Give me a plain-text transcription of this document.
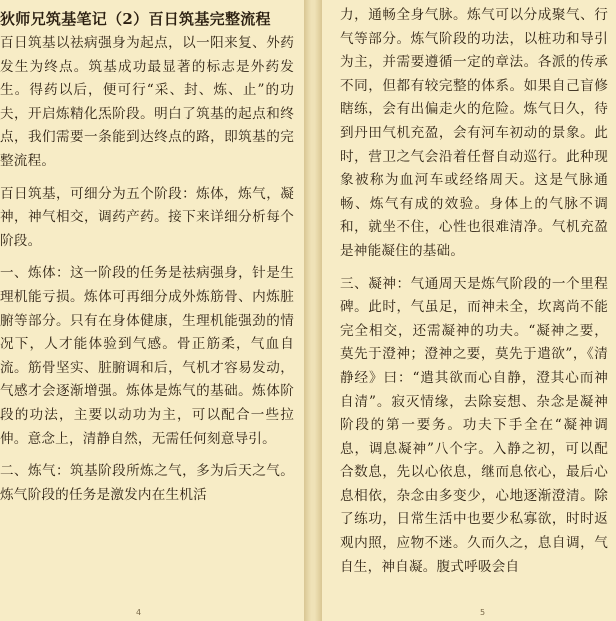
狄师兄筑基笔记（2）百日筑基完整流程

百日筑基以祛病强身为起点，以一阳来复、外药发生为终点。筑基成功最显著的标志是外药发生。得药以后，便可行“采、封、炼、止”的功夫，开启炼精化炁阶段。明白了筑基的起点和终点，我们需要一条能到达终点的路，即筑基的完整流程。

百日筑基，可细分为五个阶段：炼体，炼气，凝神，神气相交，调药产药。接下来详细分析每个阶段。

一、炼体：这一阶段的任务是祛病强身，针是生理机能亏损。炼体可再细分成外炼筋骨、内炼脏腑等部分。只有在身体健康，生理机能强劲的情况下，人才能体验到气感。骨正筋柔，气血自流。筋骨坚实、脏腑调和后，气机才容易发动，气感才会逐渐增强。炼体是炼气的基础。炼体阶段的功法，主要以动功为主，可以配合一些拉伸。意念上，清静自然，无需任何刻意导引。

二、炼气：筑基阶段所炼之气，多为后天之气。炼气阶段的任务是激发内在生机活

4

力，通畅全身气脉。炼气可以分成聚气、行气等部分。炼气阶段的功法，以桩功和导引为主，并需要遵循一定的章法。各派的传承不同，但都有较完整的体系。如果自己盲修瞎练，会有出偏走火的危险。炼气日久，待到丹田气机充盈，会有河车初动的景象。此时，营卫之气会沿着任督自动巡行。此种现象被称为血河车或经络周天。这是气脉通畅、炼气有成的效验。身体上的气脉不调和，就坐不住，心性也很难清净。气机充盈是神能凝住的基础。

三、凝神：气通周天是炼气阶段的一个里程碑。此时，气虽足，而神未全，坎离尚不能完全相交，还需凝神的功夫。“凝神之要，莫先于澄神；澄神之要，莫先于遣欲”，《清静经》曰：“遣其欲而心自静，澄其心而神自清”。寂灭情缘，去除妄想、杂念是凝神阶段的第一要务。功夫下手全在“凝神调息，调息凝神”八个字。入静之初，可以配合数息，先以心依息，继而息依心，最后心息相依，杂念由多变少，心地逐渐澄清。除了练功，日常生活中也要少私寡欲，时时返观内照，应物不迷。久而久之，息自调，气自生，神自凝。腹式呼吸会自

5
